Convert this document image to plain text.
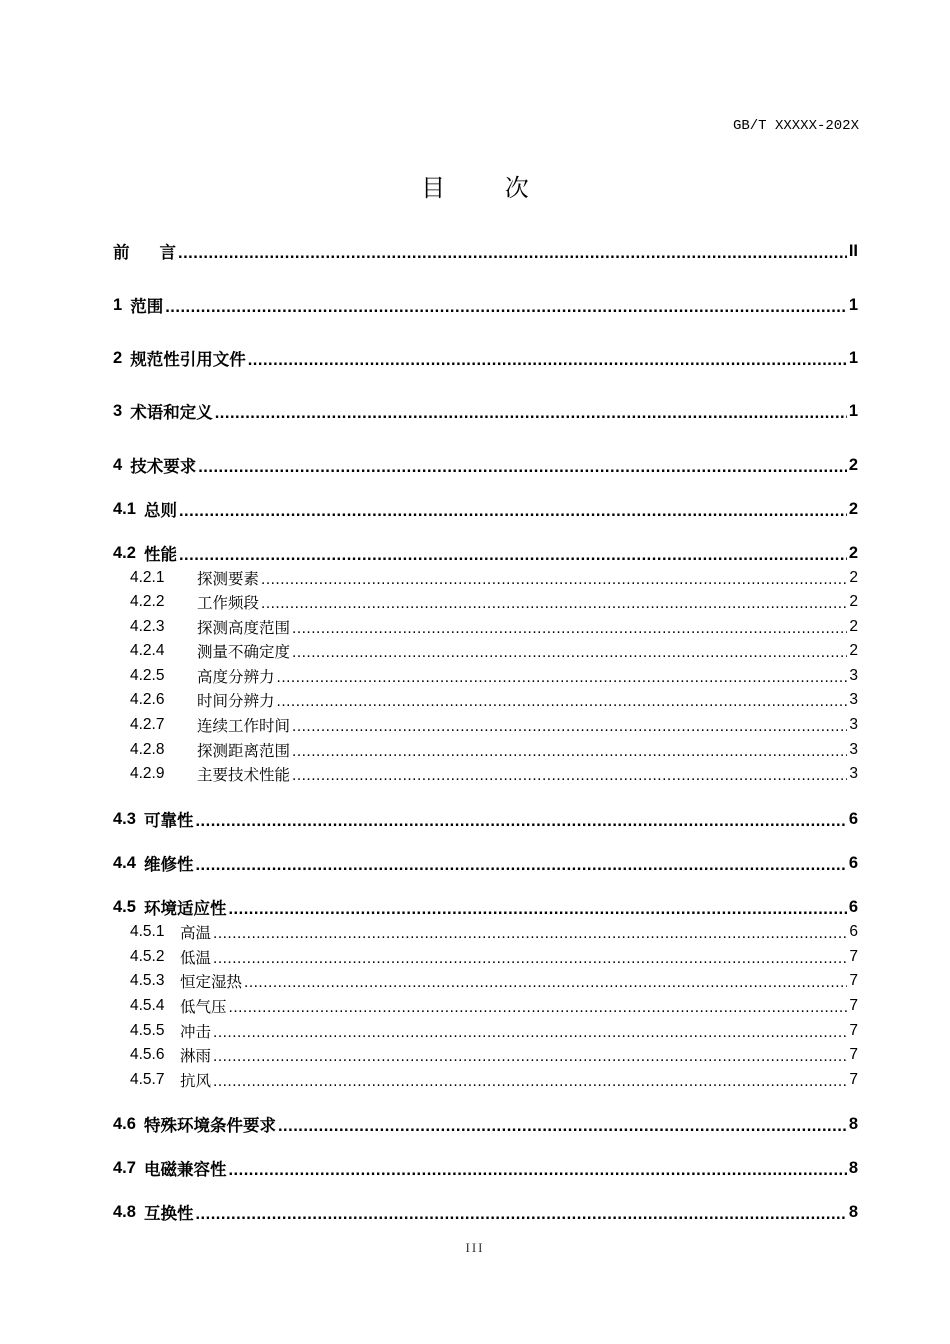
GB/T XXXXX-202X
目 次
前 言 .....	II
1 范围 .....	1
2 规范性引用文件 .....	1
3 术语和定义 .....	1
4 技术要求 .....	2
4.1 总则 .....	2
4.2 性能 .....	2
4.2.1	探测要素 .....	2
4.2.2	工作频段 .....	2
4.2.3	探测高度范围 .....	2
4.2.4	测量不确定度 .....	2
4.2.5	高度分辨力 .....	3
4.2.6	时间分辨力 .....	3
4.2.7	连续工作时间 .....	3
4.2.8	探测距离范围 .....	3
4.2.9	主要技术性能 .....	3
4.3 可靠性 .....	6
4.4 维修性 .....	6
4.5 环境适应性 .....	6
4.5.1	高温 .....	6
4.5.2	低温 .....	7
4.5.3	恒定湿热 .....	7
4.5.4	低气压 .....	7
4.5.5	冲击 .....	7
4.5.6	淋雨 .....	7
4.5.7	抗风 .....	7
4.6 特殊环境条件要求 .....	8
4.7 电磁兼容性 .....	8
4.8 互换性 .....	8
III
